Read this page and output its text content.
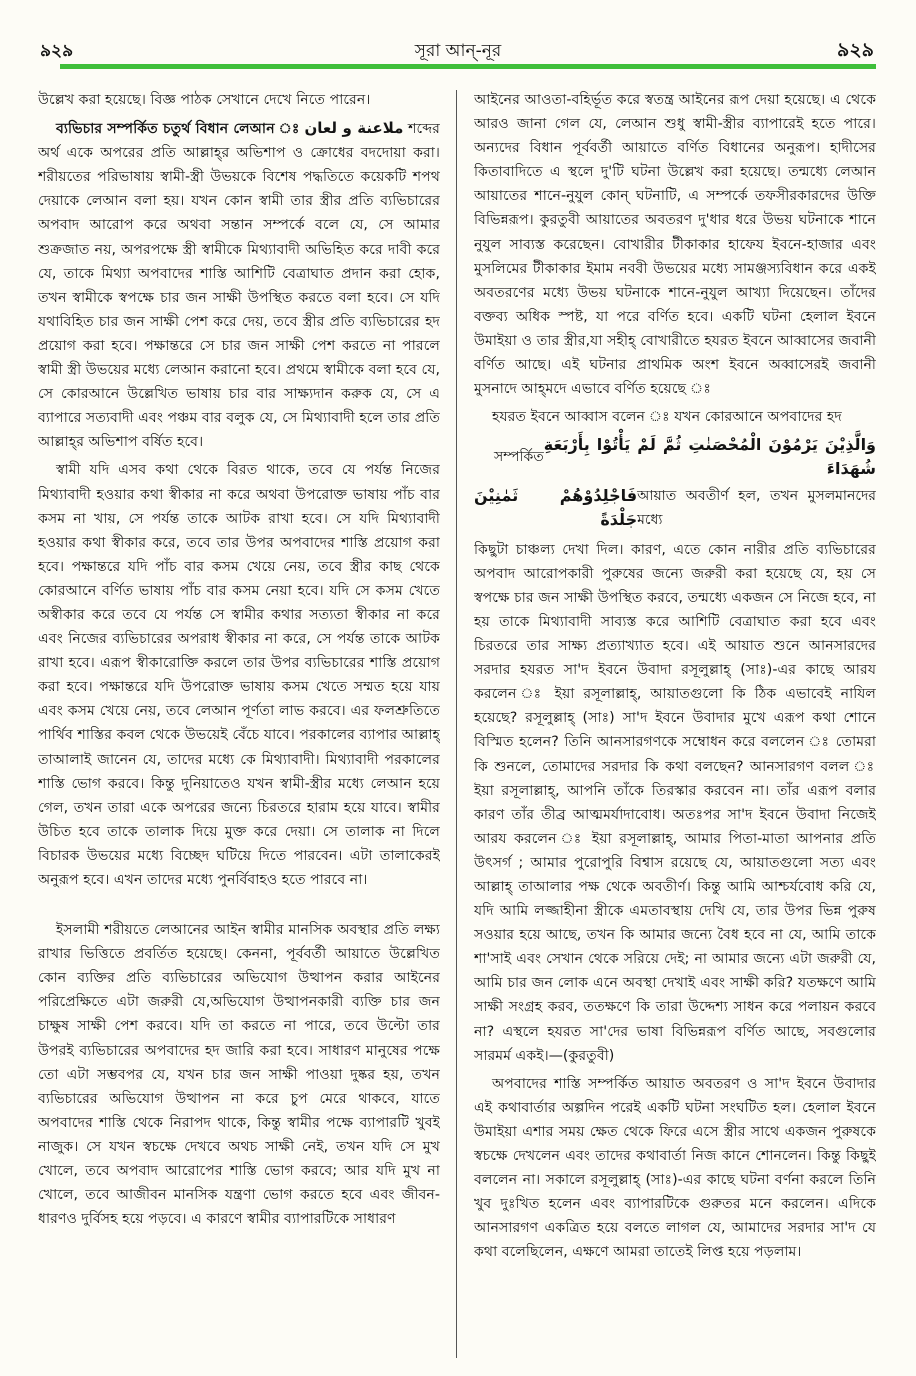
৯২৯	সূরা আন্-নূর	৯২৯

উল্লেখ করা হয়েছে। বিজ্ঞ পাঠক সেখানে দেখে নিতে পারেন।

ব্যভিচার সম্পর্কিত চতুর্থ বিধান লেআন ঃ ملاعنة و لعان শব্দের অর্থ একে অপরের প্রতি আল্লাহ্‌র অভিশাপ ও ক্রোধের বদদোয়া করা। শরীয়তের পরিভাষায় স্বামী-স্ত্রী উভয়কে বিশেষ পদ্ধতিতে কয়েকটি শপথ দেয়াকে লেআন বলা হয়। যখন কোন স্বামী তার স্ত্রীর প্রতি ব্যভিচারের অপবাদ আরোপ করে অথবা সন্তান সম্পর্কে বলে যে, সে আমার শুক্রজাত নয়, অপরপক্ষে স্ত্রী স্বামীকে মিথ্যাবাদী অভিহিত করে দাবী করে যে, তাকে মিথ্যা অপবাদের শাস্তি আশিটি বেত্রাঘাত প্রদান করা হোক, তখন স্বামীকে স্বপক্ষে চার জন সাক্ষী উপস্থিত করতে বলা হবে। সে যদি যথাবিহিত চার জন সাক্ষী পেশ করে দেয়, তবে স্ত্রীর প্রতি ব্যভিচারের হদ প্রয়োগ করা হবে। পক্ষান্তরে সে চার জন সাক্ষী পেশ করতে না পারলে স্বামী স্ত্রী উভয়ের মধ্যে লেআন করানো হবে। প্রথমে স্বামীকে বলা হবে যে, সে কোরআনে উল্লেখিত ভাষায় চার বার সাক্ষ্যদান করুক যে, সে এ ব্যাপারে সত্যবাদী এবং পঞ্চম বার বলুক যে, সে মিথ্যাবাদী হলে তার প্রতি আল্লাহ্‌র অভিশাপ বর্ষিত হবে।

স্বামী যদি এসব কথা থেকে বিরত থাকে, তবে যে পর্যন্ত নিজের মিথ্যাবাদী হওয়ার কথা স্বীকার না করে অথবা উপরোক্ত ভাষায় পাঁচ বার কসম না খায়, সে পর্যন্ত তাকে আটক রাখা হবে। সে যদি মিথ্যাবাদী হওয়ার কথা স্বীকার করে, তবে তার উপর অপবাদের শাস্তি প্রয়োগ করা হবে। পক্ষান্তরে যদি পাঁচ বার কসম খেয়ে নেয়, তবে স্ত্রীর কাছ থেকে কোরআনে বর্ণিত ভাষায় পাঁচ বার কসম নেয়া হবে। যদি সে কসম খেতে অস্বীকার করে তবে যে পর্যন্ত সে স্বামীর কথার সত্যতা স্বীকার না করে এবং নিজের ব্যভিচারের অপরাধ স্বীকার না করে, সে পর্যন্ত তাকে আটক রাখা হবে। এরূপ স্বীকারোক্তি করলে তার উপর ব্যভিচারের শাস্তি প্রয়োগ করা হবে। পক্ষান্তরে যদি উপরোক্ত ভাষায় কসম খেতে সম্মত হয়ে যায় এবং কসম খেয়ে নেয়, তবে লেআন পূর্ণতা লাভ করবে। এর ফলশ্রুতিতে পার্থিব শাস্তির কবল থেকে উভয়েই বেঁচে যাবে। পরকালের ব্যাপার আল্লাহ্ তাআলাই জানেন যে, তাদের মধ্যে কে মিথ্যাবাদী। মিথ্যাবাদী পরকালের শাস্তি ভোগ করবে। কিন্তু দুনিয়াতেও যখন স্বামী-স্ত্রীর মধ্যে লেআন হয়ে গেল, তখন তারা একে অপরের জন্যে চিরতরে হারাম হয়ে যাবে। স্বামীর উচিত হবে তাকে তালাক দিয়ে মুক্ত করে দেয়া। সে তালাক না দিলে বিচারক উভয়ের মধ্যে বিচ্ছেদ ঘটিয়ে দিতে পারবেন। এটা তালাকেরই অনুরূপ হবে। এখন তাদের মধ্যে পুনর্বিবাহও হতে পারবে না।

ইসলামী শরীয়তে লেআনের আইন স্বামীর মানসিক অবস্থার প্রতি লক্ষ্য রাখার ভিত্তিতে প্রবর্তিত হয়েছে। কেননা, পূর্ববর্তী আয়াতে উল্লেখিত কোন ব্যক্তির প্রতি ব্যভিচারের অভিযোগ উত্থাপন করার আইনের পরিপ্রেক্ষিতে এটা জরুরী যে,অভিযোগ উত্থাপনকারী ব্যক্তি চার জন চাক্ষুষ সাক্ষী পেশ করবে। যদি তা করতে না পারে, তবে উল্টো তার উপরই ব্যভিচারের অপবাদের হদ জারি করা হবে। সাধারণ মানুষের পক্ষে তো এটা সম্ভবপর যে, যখন চার জন সাক্ষী পাওয়া দুষ্কর হয়, তখন ব্যভিচারের অভিযোগ উত্থাপন না করে চুপ মেরে থাকবে, যাতে অপবাদের শাস্তি থেকে নিরাপদ থাকে, কিন্তু স্বামীর পক্ষে ব্যাপারটি খুবই নাজুক। সে যখন স্বচক্ষে দেখবে অথচ সাক্ষী নেই, তখন যদি সে মুখ খোলে, তবে অপবাদ আরোপের শাস্তি ভোগ করবে; আর যদি মুখ না খোলে, তবে আজীবন মানসিক যন্ত্রণা ভোগ করতে হবে এবং জীবন-ধারণও দুর্বিসহ হয়ে পড়বে। এ কারণে স্বামীর ব্যাপারটিকে সাধারণ

আইনের আওতা-বহির্ভূত করে স্বতন্ত্র আইনের রূপ দেয়া হয়েছে। এ থেকে আরও জানা গেল যে, লেআন শুধু স্বামী-স্ত্রীর ব্যাপারেই হতে পারে। অন্যদের বিধান পূর্ববর্তী আয়াতে বর্ণিত বিধানের অনুরূপ। হাদীসের কিতাবাদিতে এ স্থলে দু'টি ঘটনা উল্লেখ করা হয়েছে। তন্মধ্যে লেআন আয়াতের শানে-নুযুল কোন্ ঘটনাটি, এ সম্পর্কে তফসীরকারদের উক্তি বিভিন্নরূপ। কুরতুবী আয়াতের অবতরণ দু'ধার ধরে উভয় ঘটনাকে শানে নুযুল সাব্যস্ত করেছেন। বোখারীর টীকাকার হাফেয ইবনে-হাজার এবং মুসলিমের টীকাকার ইমাম নববী উভয়ের মধ্যে সামঞ্জস্যবিধান করে একই অবতরণের মধ্যে উভয় ঘটনাকে শানে-নুযুল আখ্যা দিয়েছেন। তাঁদের বক্তব্য অধিক স্পষ্ট, যা পরে বর্ণিত হবে। একটি ঘটনা হেলাল ইবনে উমাইয়া ও তার স্ত্রীর,যা সহীহ্ বোখারীতে হযরত ইবনে আব্বাসের জবানী বর্ণিত আছে। এই ঘটনার প্রাথমিক অংশ ইবনে অব্বাসেরই জবানী মুসনাদে আহ্‌মদে এভাবে বর্ণিত হয়েছে ঃ

হযরত ইবনে আব্বাস বলেন ঃ যখন কোরআনে অপবাদের হদ

সম্পর্কিত
وَالَّذِيْنَ يَرْمُوْنَ الْمُحْصَنٰتِ ثُمَّ لَمْ يَأْتُوْا بِأَرْبَعَةِ شُهَدَاءَ
فَاجْلِدُوْهُمْ ثَمٰنِيْنَ جَلْدَةً
আয়াত অবতীর্ণ হল, তখন মুসলমানদের মধ্যে

কিছুটা চাঞ্চল্য দেখা দিল। কারণ, এতে কোন নারীর প্রতি ব্যভিচারের অপবাদ আরোপকারী পুরুষের জন্যে জরুরী করা হয়েছে যে, হয় সে স্বপক্ষে চার জন সাক্ষী উপস্থিত করবে, তন্মধ্যে একজন সে নিজে হবে, না হয় তাকে মিথ্যাবাদী সাব্যস্ত করে আশিটি বেত্রাঘাত করা হবে এবং চিরতরে তার সাক্ষ্য প্রত্যাখ্যাত হবে। এই আয়াত শুনে আনসারদের সরদার হযরত সা'দ ইবনে উবাদা রসূলুল্লাহ্ (সাঃ)-এর কাছে আরয করলেন ঃ ইয়া রসূলাল্লাহ্, আয়াতগুলো কি ঠিক এভাবেই নাযিল হয়েছে? রসূলুল্লাহ্ (সাঃ) সা'দ ইবনে উবাদার মুখে এরূপ কথা শোনে বিস্মিত হলেন? তিনি আনসারগণকে সম্বোধন করে বললেন ঃ তোমরা কি শুনলে, তোমাদের সরদার কি কথা বলছেন? আনসারগণ বলল ঃ ইয়া রসূলাল্লাহ্, আপনি তাঁকে তিরস্কার করবেন না। তাঁর এরূপ বলার কারণ তাঁর তীব্র আত্মমর্যাদাবোধ। অতঃপর সা'দ ইবনে উবাদা নিজেই আরয করলেন ঃ ইয়া রসূলাল্লাহ্, আমার পিতা-মাতা আপনার প্রতি উৎসর্গ ; আমার পুরোপুরি বিশ্বাস রয়েছে যে, আয়াতগুলো সত্য এবং আল্লাহ্ তাআলার পক্ষ থেকে অবতীর্ণ। কিন্তু আমি আশ্চর্যবোধ করি যে, যদি আমি লজ্জাহীনা স্ত্রীকে এমতাবস্থায় দেখি যে, তার উপর ভিন্ন পুরুষ সওয়ার হয়ে আছে, তখন কি আমার জন্যে বৈধ হবে না যে, আমি তাকে শা'সাই এবং সেখান থেকে সরিয়ে দেই; না আমার জন্যে এটা জরুরী যে, আমি চার জন লোক এনে অবস্থা দেখাই এবং সাক্ষী করি? যতক্ষণে আমি সাক্ষী সংগ্রহ করব, ততক্ষণে কি তারা উদ্দেশ্য সাধন করে পলায়ন করবে না? এস্থলে হযরত সা'দের ভাষা বিভিন্নরূপ বর্ণিত আছে, সবগুলোর সারমর্ম একই।—(কুরতুবী)

অপবাদের শাস্তি সম্পর্কিত আয়াত অবতরণ ও সা'দ ইবনে উবাদার এই কথাবার্তার অল্পদিন পরেই একটি ঘটনা সংঘটিত হল। হেলাল ইবনে উমাইয়া এশার সময় ক্ষেত থেকে ফিরে এসে স্ত্রীর সাথে একজন পুরুষকে স্বচক্ষে দেখলেন এবং তাদের কথাবার্তা নিজ কানে শোনলেন। কিন্তু কিছুই বললেন না। সকালে রসূলুল্লাহ্ (সাঃ)-এর কাছে ঘটনা বর্ণনা করলে তিনি খুব দুঃখিত হলেন এবং ব্যাপারটিকে গুরুতর মনে করলেন। এদিকে আনসারগণ একত্রিত হয়ে বলতে লাগল যে, আমাদের সরদার সা'দ যে কথা বলেছিলেন, এক্ষণে আমরা তাতেই লিপ্ত হয়ে পড়লাম।
